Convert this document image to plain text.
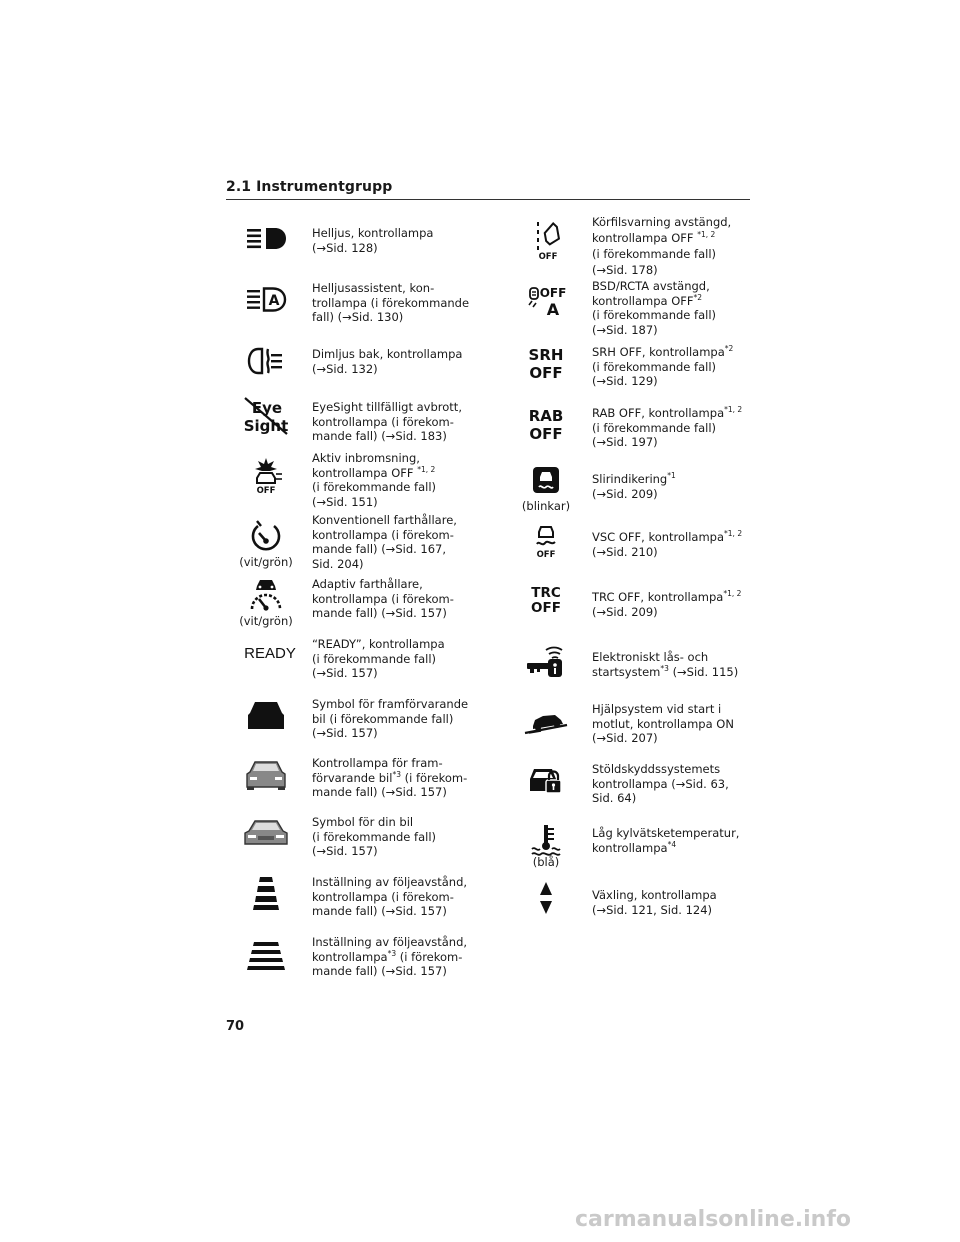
2.1 Instrumentgrupp
Helljus, kontrollampa
(→Sid. 128)
A
Helljusassistent, kon-
trollampa (i förekommande
fall) (→Sid. 130)
Dimljus bak, kontrollampa
(→Sid. 132)
Eye
Sight
EyeSight tillfälligt avbrott,
kontrollampa (i förekom-
mande fall) (→Sid. 183)
OFF
Aktiv inbromsning,
kontrollampa OFF $^{*1, 2}$
(i förekommande fall)
(→Sid. 151)
(vit/grön)
Konventionell farthållare,
kontrollampa (i förekom-
mande fall) (→Sid. 167,
Sid. 204)
(vit/grön)
Adaptiv farthållare,
kontrollampa (i förekom-
mande fall) (→Sid. 157)
READY
“READY”, kontrollampa
(i förekommande fall)
(→Sid. 157)
Symbol för framförvarande
bil (i förekommande fall)
(→Sid. 157)
Kontrollampa för fram-
förvarande bil$^{*3}$ (i förekom-
mande fall) (→Sid. 157)
Symbol för din bil
(i förekommande fall)
(→Sid. 157)
Inställning av följeavstånd,
kontrollampa (i förekom-
mande fall) (→Sid. 157)
Inställning av följeavstånd,
kontrollampa$^{*3}$ (i förekom-
mande fall) (→Sid. 157)
OFF
Körfilsvarning avstängd,
kontrollampa OFF $^{*1, 2}$
(i förekommande fall)
(→Sid. 178)
OFF
A
BSD/RCTA avstängd,
kontrollampa OFF$^{*2}$
(i förekommande fall)
(→Sid. 187)
SRH
OFF
SRH OFF, kontrollampa$^{*2}$
(i förekommande fall)
(→Sid. 129)
RAB
OFF
RAB OFF, kontrollampa$^{*1, 2}$
(i förekommande fall)
(→Sid. 197)
(blinkar)
Slirindikering$^{*1}$
(→Sid. 209)
OFF
VSC OFF, kontrollampa$^{*1, 2}$
(→Sid. 210)
TRC
OFF
TRC OFF, kontrollampa$^{*1, 2}$
(→Sid. 209)
Elektroniskt lås- och
startsystem$^{*3}$ (→Sid. 115)
Hjälpsystem vid start i
motlut, kontrollampa ON
(→Sid. 207)
Stöldskyddssystemets
kontrollampa (→Sid. 63,
Sid. 64)
(blå)
Låg kylvätsketemperatur,
kontrollampa$^{*4}$
Växling, kontrollampa
(→Sid. 121, Sid. 124)
70
carmanualsonline.info
